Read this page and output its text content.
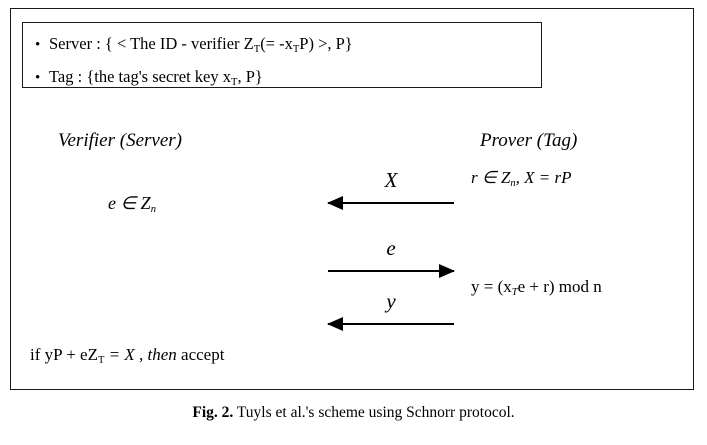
• Server : { < The ID - verifier $Z_T(= -x_TP)$ >, P}
• Tag : {the tag's secret key $x_T$, P}
Verifier (Server)	Prover (Tag)
r ∈ $Z_n$, X = rP
$y = (x_Te + r)$ mod n
e ∈ $Z_n$
if yP + $eZ_T = X$ , then accept
X
e
y
Fig. 2. Tuyls et al.'s scheme using Schnorr protocol.
